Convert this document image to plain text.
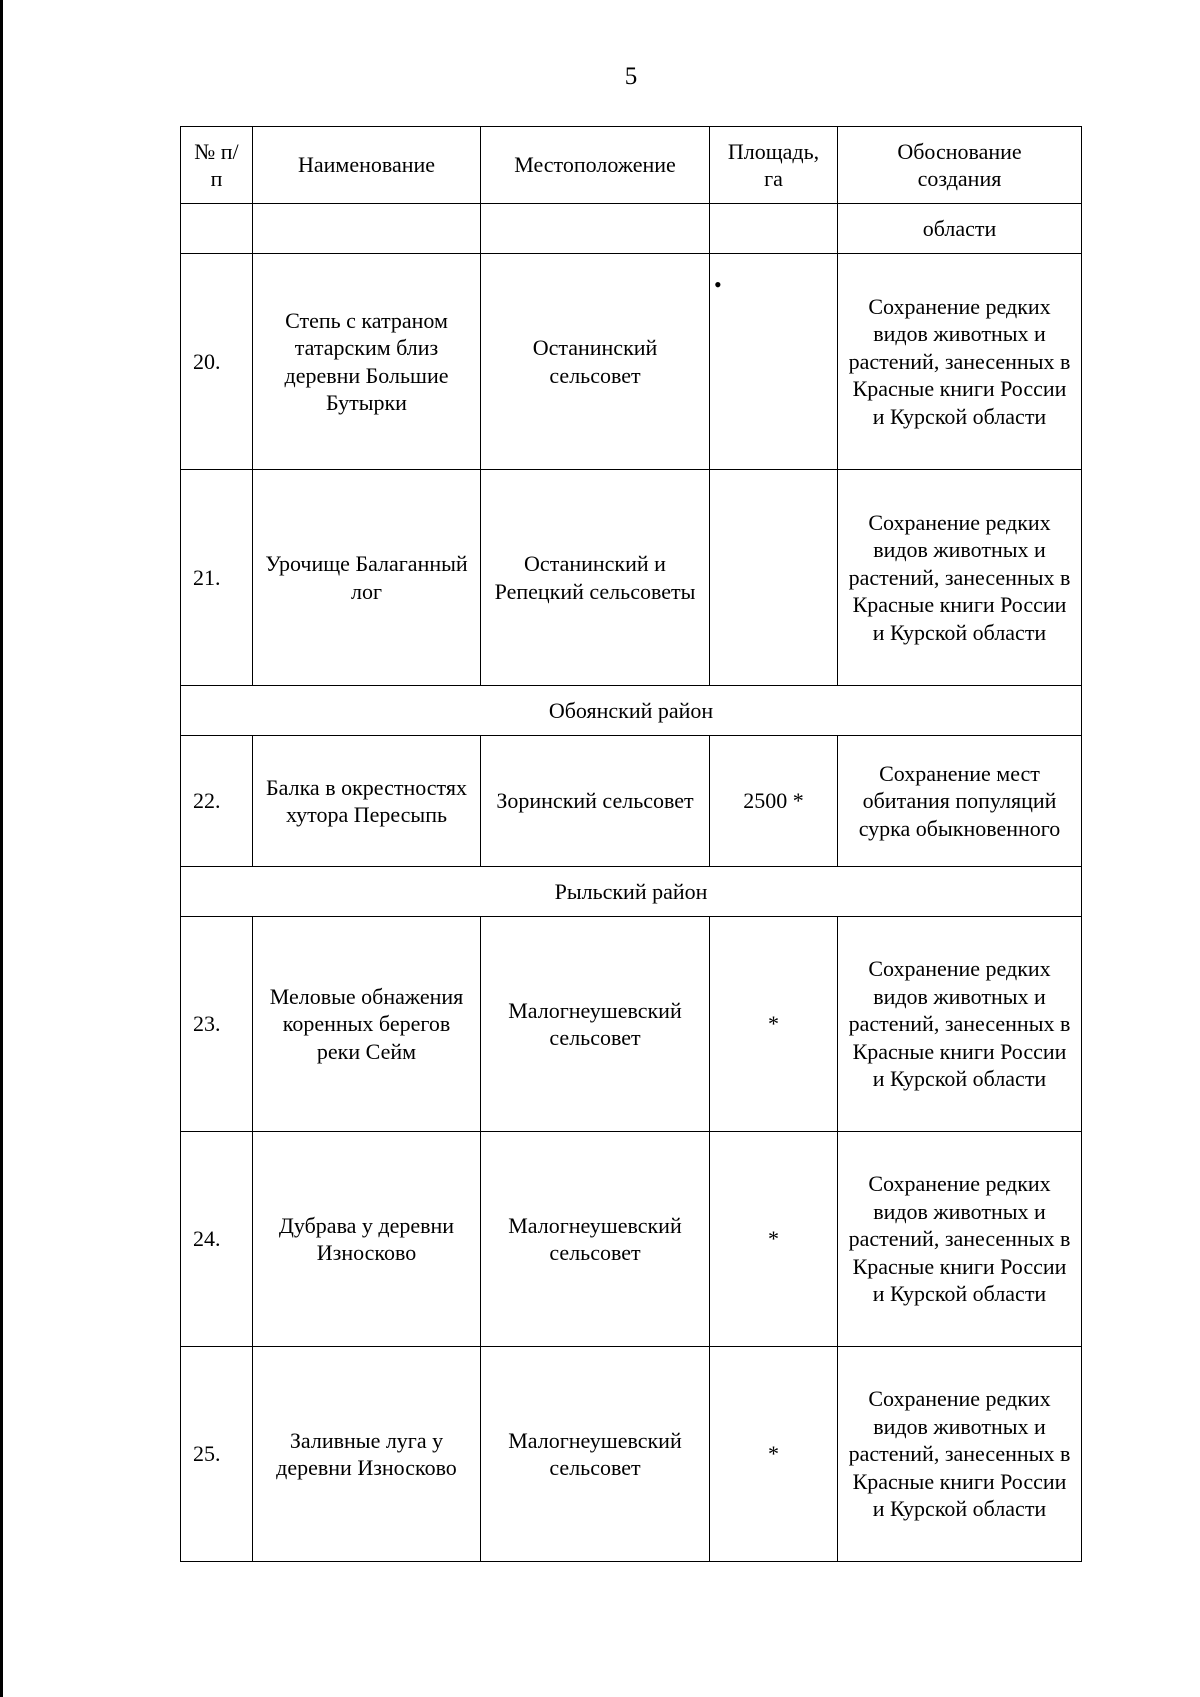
5
№ п/п	Наименование	Местоположение	Площадь, га	Обоснование создания
				области
20.	Степь с катраном татарским близ деревни Большие Бутырки	Останинский сельсовет	•	Сохранение редких видов животных и растений, занесенных в Красные книги России и Курской области
21.	Урочище Балаганный лог	Останинский и Репецкий сельсоветы		Сохранение редких видов животных и растений, занесенных в Красные книги России и Курской области
Обоянский район				
22.	Балка в окрестностях хутора Пересыпь	Зоринский сельсовет	2500 *	Сохранение мест обитания популяций сурка обыкновенного
Рыльский район				
23.	Меловые обнажения коренных берегов реки Сейм	Малогнеушевский сельсовет	*	Сохранение редких видов животных и растений, занесенных в Красные книги России и Курской области
24.	Дубрава у деревни Износково	Малогнеушевский сельсовет	*	Сохранение редких видов животных и растений, занесенных в Красные книги России и Курской области
25.	Заливные луга у деревни Износково	Малогнеушевский сельсовет	*	Сохранение редких видов животных и растений, занесенных в Красные книги России и Курской области
